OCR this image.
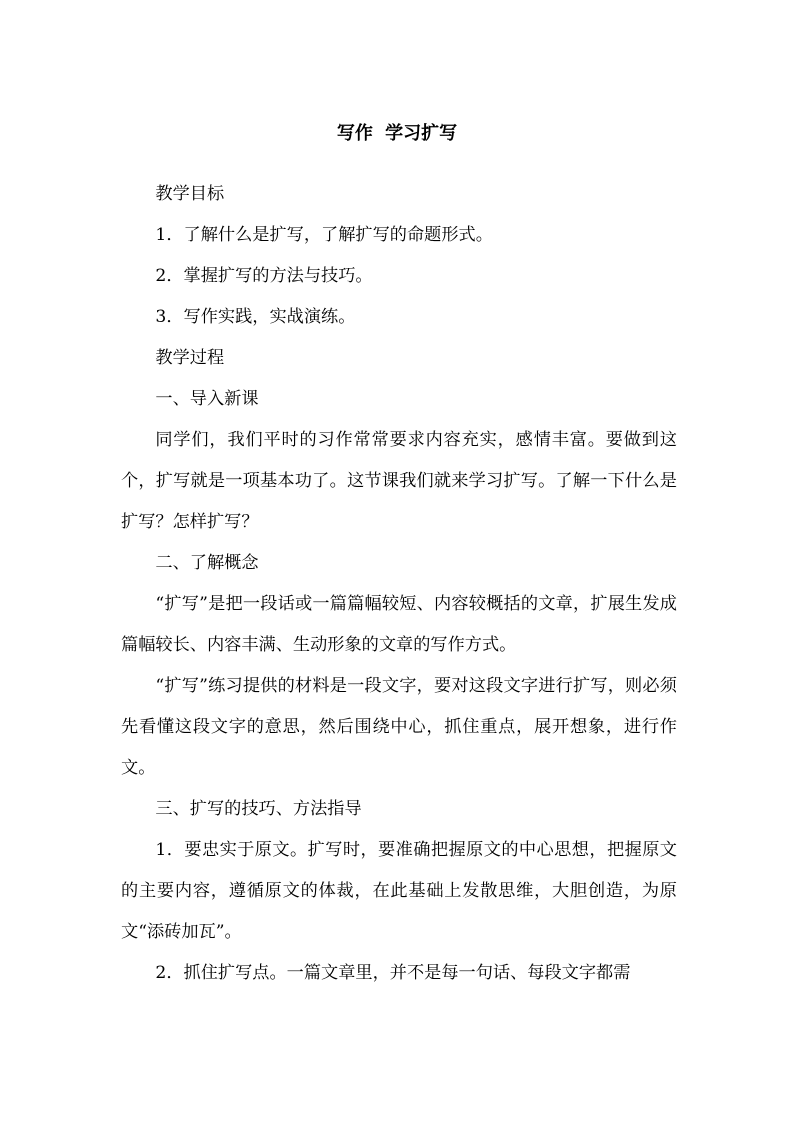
写作 学习扩写

教学目标

1．了解什么是扩写，了解扩写的命题形式。

2．掌握扩写的方法与技巧。

3．写作实践，实战演练。

教学过程

一、导入新课

同学们，我们平时的习作常常要求内容充实，感情丰富。要做到这个，扩写就是一项基本功了。这节课我们就来学习扩写。了解一下什么是扩写？怎样扩写？

二、了解概念

“扩写”是把一段话或一篇篇幅较短、内容较概括的文章，扩展生发成篇幅较长、内容丰满、生动形象的文章的写作方式。

“扩写”练习提供的材料是一段文字，要对这段文字进行扩写，则必须先看懂这段文字的意思，然后围绕中心，抓住重点，展开想象，进行作文。

三、扩写的技巧、方法指导

1．要忠实于原文。扩写时，要准确把握原文的中心思想，把握原文的主要内容，遵循原文的体裁，在此基础上发散思维，大胆创造，为原文“添砖加瓦”。

2．抓住扩写点。一篇文章里，并不是每一句话、每段文字都需
